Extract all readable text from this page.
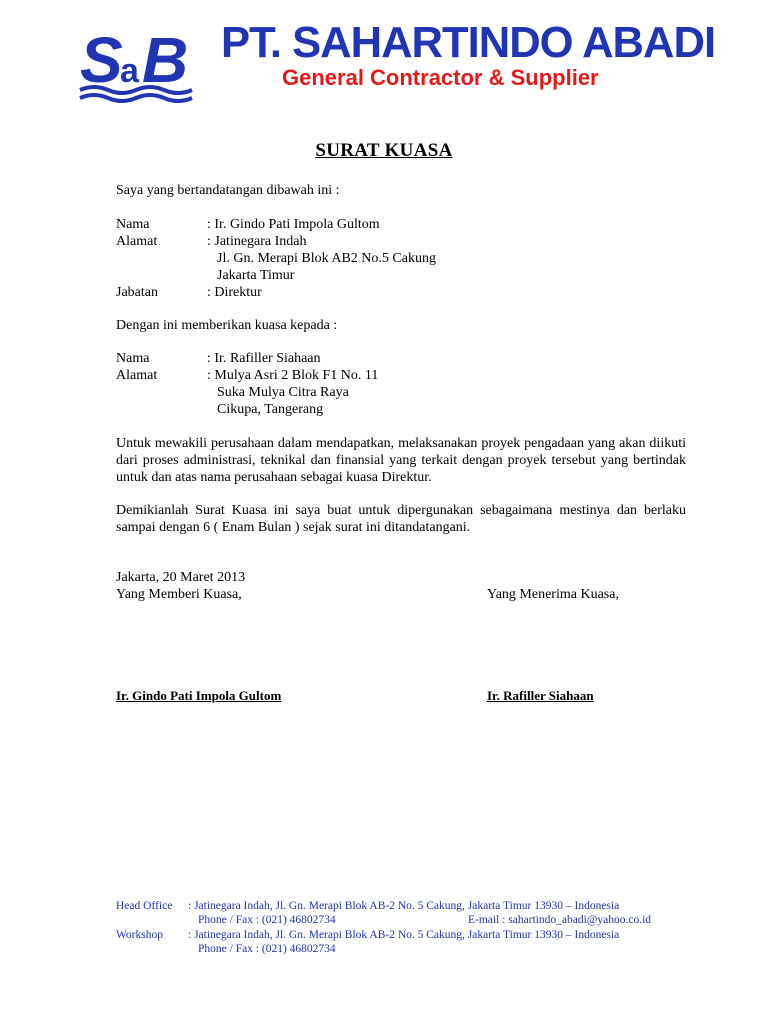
S
a B PT. SAHARTINDO ABADI
General Contractor & Supplier
SURAT KUASA
Saya yang bertandatangan dibawah ini :
Nama	: Ir. Gindo Pati Impola Gultom
Alamat	: Jatinegara Indah
Jl. Gn. Merapi Blok AB2 No.5 Cakung
Jakarta Timur
Jabatan	: Direktur
Dengan ini memberikan kuasa kepada :
Nama	: Ir. Rafiller Siahaan
Alamat	: Mulya Asri 2 Blok F1 No. 11
Suka Mulya Citra Raya
Cikupa, Tangerang
Untuk mewakili perusahaan dalam mendapatkan, melaksanakan proyek pengadaan yang akan diikuti dari proses administrasi, teknikal dan finansial yang terkait dengan proyek tersebut yang bertindak untuk dan atas nama perusahaan sebagai kuasa Direktur.
Demikianlah Surat Kuasa ini saya buat untuk dipergunakan sebagaimana mestinya dan berlaku sampai dengan 6 ( Enam Bulan ) sejak surat ini ditandatangani.
Jakarta, 20 Maret 2013
Yang Memberi Kuasa,	Yang Menerima Kuasa,
Ir. Gindo Pati Impola Gultom	Ir. Rafiller Siahaan
Head Office : Jatinegara Indah, Jl. Gn. Merapi Blok AB-2 No. 5 Cakung, Jakarta Timur 13930 – Indonesia
Phone / Fax : (021) 46802734	E-mail : sahartindo_abadi@yahoo.co.id
Workshop : Jatinegara Indah, Jl. Gn. Merapi Blok AB-2 No. 5 Cakung, Jakarta Timur 13930 – Indonesia
Phone / Fax : (021) 46802734
